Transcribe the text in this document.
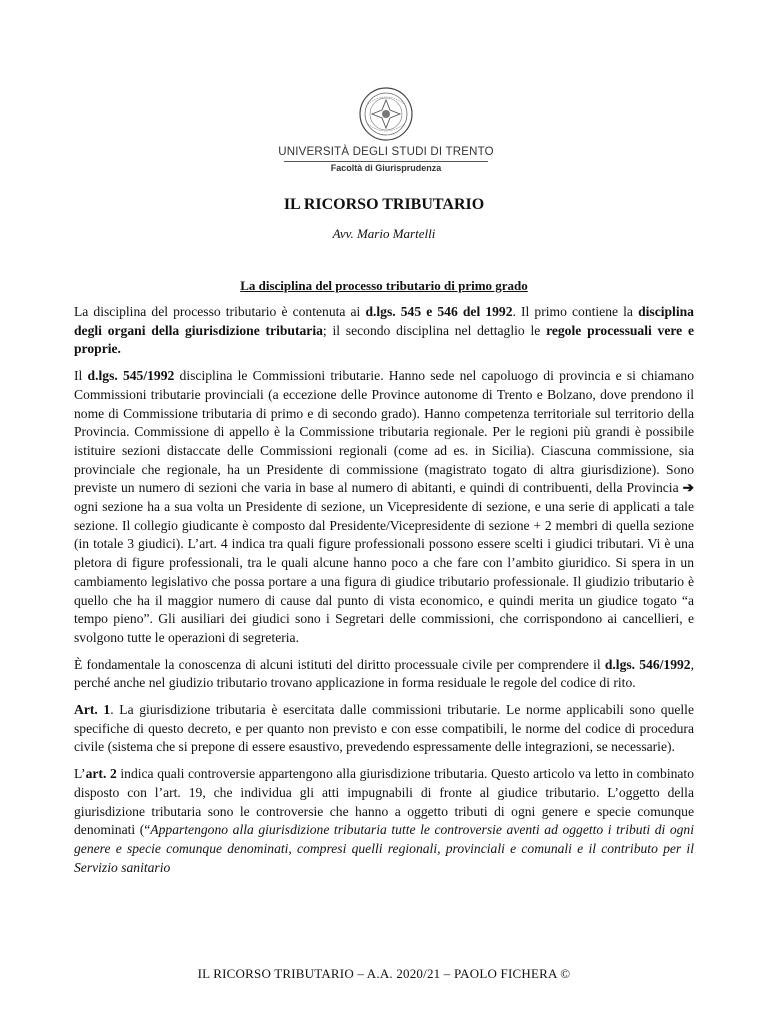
UNIVERSITÀ DEGLI STUDI DI TRENTO
Facoltà di Giurisprudenza
IL RICORSO TRIBUTARIO
Avv. Mario Martelli
La disciplina del processo tributario di primo grado

La disciplina del processo tributario è contenuta ai d.lgs. 545 e 546 del 1992. Il primo contiene la disciplina degli organi della giurisdizione tributaria; il secondo disciplina nel dettaglio le regole processuali vere e proprie.

Il d.lgs. 545/1992 disciplina le Commissioni tributarie. Hanno sede nel capoluogo di provincia e si chiamano Commissioni tributarie provinciali (a eccezione delle Province autonome di Trento e Bolzano, dove prendono il nome di Commissione tributaria di primo e di secondo grado). Hanno competenza territoriale sul territorio della Provincia. Commissione di appello è la Commissione tributaria regionale. Per le regioni più grandi è possibile istituire sezioni distaccate delle Commissioni regionali (come ad es. in Sicilia). Ciascuna commissione, sia provinciale che regionale, ha un Presidente di commissione (magistrato togato di altra giurisdizione). Sono previste un numero di sezioni che varia in base al numero di abitanti, e quindi di contribuenti, della Provincia ➔ ogni sezione ha a sua volta un Presidente di sezione, un Vicepresidente di sezione, e una serie di applicati a tale sezione. Il collegio giudicante è composto dal Presidente/Vicepresidente di sezione + 2 membri di quella sezione (in totale 3 giudici). L’art. 4 indica tra quali figure professionali possono essere scelti i giudici tributari. Vi è una pletora di figure professionali, tra le quali alcune hanno poco a che fare con l’ambito giuridico. Si spera in un cambiamento legislativo che possa portare a una figura di giudice tributario professionale. Il giudizio tributario è quello che ha il maggior numero di cause dal punto di vista economico, e quindi merita un giudice togato “a tempo pieno”. Gli ausiliari dei giudici sono i Segretari delle commissioni, che corrispondono ai cancellieri, e svolgono tutte le operazioni di segreteria.

È fondamentale la conoscenza di alcuni istituti del diritto processuale civile per comprendere il d.lgs. 546/1992, perché anche nel giudizio tributario trovano applicazione in forma residuale le regole del codice di rito.

Art. 1. La giurisdizione tributaria è esercitata dalle commissioni tributarie. Le norme applicabili sono quelle specifiche di questo decreto, e per quanto non previsto e con esse compatibili, le norme del codice di procedura civile (sistema che si prepone di essere esaustivo, prevedendo espressamente delle integrazioni, se necessarie).

L’art. 2 indica quali controversie appartengono alla giurisdizione tributaria. Questo articolo va letto in combinato disposto con l’art. 19, che individua gli atti impugnabili di fronte al giudice tributario. L’oggetto della giurisdizione tributaria sono le controversie che hanno a oggetto tributi di ogni genere e specie comunque denominati (“Appartengono alla giurisdizione tributaria tutte le controversie aventi ad oggetto i tributi di ogni genere e specie comunque denominati, compresi quelli regionali, provinciali e comunali e il contributo per il Servizio sanitario

IL RICORSO TRIBUTARIO – A.A. 2020/21 – PAOLO FICHERA ©
